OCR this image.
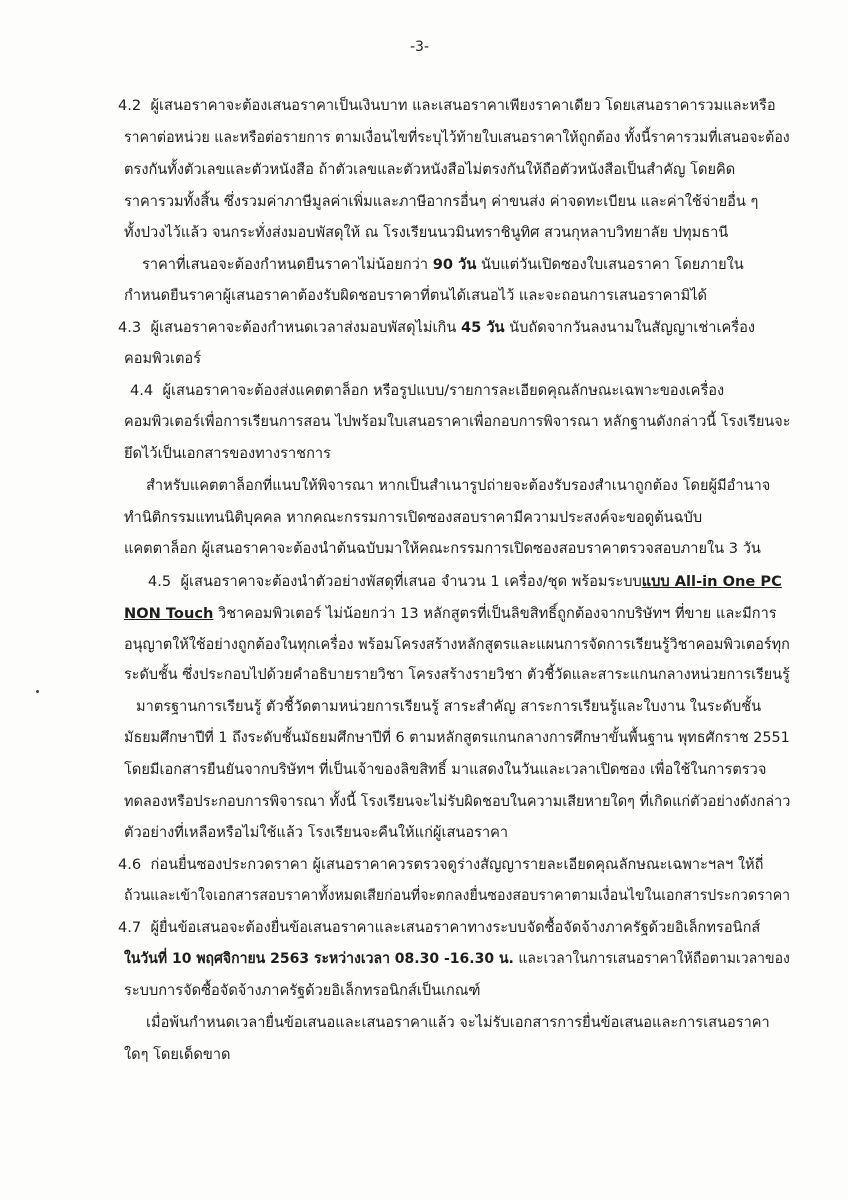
-3-
4.2 ผู้เสนอราคาจะต้องเสนอราคาเป็นเงินบาท และเสนอราคาเพียงราคาเดียว โดยเสนอราคารวมและหรือ
ราคาต่อหน่วย และหรือต่อรายการ ตามเงื่อนไขที่ระบุไว้ท้ายใบเสนอราคาให้ถูกต้อง ทั้งนี้ราคารวมที่เสนอจะต้อง
ตรงกันทั้งตัวเลขและตัวหนังสือ ถ้าตัวเลขและตัวหนังสือไม่ตรงกันให้ถือตัวหนังสือเป็นสำคัญ โดยคิด
ราคารวมทั้งสิ้น ซึ่งรวมค่าภาษีมูลค่าเพิ่มและภาษีอากรอื่นๆ ค่าขนส่ง ค่าจดทะเบียน และค่าใช้จ่ายอื่น ๆ
ทั้งปวงไว้แล้ว จนกระทั่งส่งมอบพัสดุให้ ณ โรงเรียนนวมินทราชินูทิศ สวนกุหลาบวิทยาลัย ปทุมธานี
ราคาที่เสนอจะต้องกำหนดยืนราคาไม่น้อยกว่า 90 วัน นับแต่วันเปิดซองใบเสนอราคา โดยภายใน
กำหนดยืนราคาผู้เสนอราคาต้องรับผิดชอบราคาที่ตนได้เสนอไว้ และจะถอนการเสนอราคามิได้
4.3 ผู้เสนอราคาจะต้องกำหนดเวลาส่งมอบพัสดุไม่เกิน 45 วัน นับถัดจากวันลงนามในสัญญาเช่าเครื่อง
คอมพิวเตอร์
4.4 ผู้เสนอราคาจะต้องส่งแคตตาล็อก หรือรูปแบบ/รายการละเอียดคุณลักษณะเฉพาะของเครื่อง
คอมพิวเตอร์เพื่อการเรียนการสอน ไปพร้อมใบเสนอราคาเพื่อกอบการพิจารณา หลักฐานดังกล่าวนี้ โรงเรียนจะ
ยึดไว้เป็นเอกสารของทางราชการ
สำหรับแคตตาล็อกที่แนบให้พิจารณา หากเป็นสำเนารูปถ่ายจะต้องรับรองสำเนาถูกต้อง โดยผู้มีอำนาจ
ทำนิติกรรมแทนนิติบุคคล หากคณะกรรมการเปิดซองสอบราคามีความประสงค์จะขอดูต้นฉบับ
แคตตาล็อก ผู้เสนอราคาจะต้องนำต้นฉบับมาให้คณะกรรมการเปิดซองสอบราคาตรวจสอบภายใน 3 วัน
4.5 ผู้เสนอราคาจะต้องนำตัวอย่างพัสดุที่เสนอ จำนวน 1 เครื่อง/ชุด พร้อมระบบแบบ All-in One PC
NON Touch วิชาคอมพิวเตอร์ ไม่น้อยกว่า 13 หลักสูตรที่เป็นลิขสิทธิ์ถูกต้องจากบริษัทฯ ที่ขาย และมีการ
อนุญาตให้ใช้อย่างถูกต้องในทุกเครื่อง พร้อมโครงสร้างหลักสูตรและแผนการจัดการเรียนรู้วิชาคอมพิวเตอร์ทุก
ระดับชั้น ซึ่งประกอบไปด้วยคำอธิบายรายวิชา โครงสร้างรายวิชา ตัวชี้วัดและสาระแกนกลางหน่วยการเรียนรู้
มาตรฐานการเรียนรู้ ตัวชี้วัดตามหน่วยการเรียนรู้ สาระสำคัญ สาระการเรียนรู้และใบงาน ในระดับชั้น
มัธยมศึกษาปีที่ 1 ถึงระดับชั้นมัธยมศึกษาปีที่ 6 ตามหลักสูตรแกนกลางการศึกษาขั้นพื้นฐาน พุทธศักราช 2551
โดยมีเอกสารยืนยันจากบริษัทฯ ที่เป็นเจ้าของลิขสิทธิ์ มาแสดงในวันและเวลาเปิดซอง เพื่อใช้ในการตรวจ
ทดลองหรือประกอบการพิจารณา ทั้งนี้ โรงเรียนจะไม่รับผิดชอบในความเสียหายใดๆ ที่เกิดแก่ตัวอย่างดังกล่าว
ตัวอย่างที่เหลือหรือไม่ใช้แล้ว โรงเรียนจะคืนให้แก่ผู้เสนอราคา
4.6 ก่อนยื่นซองประกวดราคา ผู้เสนอราคาควรตรวจดูร่างสัญญารายละเอียดคุณลักษณะเฉพาะฯลฯ ให้ถี่
ถ้วนและเข้าใจเอกสารสอบราคาทั้งหมดเสียก่อนที่จะตกลงยื่นซองสอบราคาตามเงื่อนไขในเอกสารประกวดราคา
4.7 ผู้ยื่นข้อเสนอจะต้องยื่นข้อเสนอราคาและเสนอราคาทางระบบจัดซื้อจัดจ้างภาครัฐด้วยอิเล็กทรอนิกส์
ในวันที่ 10 พฤศจิกายน 2563 ระหว่างเวลา 08.30 -16.30 น. และเวลาในการเสนอราคาให้ถือตามเวลาของ
ระบบการจัดซื้อจัดจ้างภาครัฐด้วยอิเล็กทรอนิกส์เป็นเกณฑ์
เมื่อพ้นกำหนดเวลายื่นข้อเสนอและเสนอราคาแล้ว จะไม่รับเอกสารการยื่นข้อเสนอและการเสนอราคา
ใดๆ โดยเด็ดขาด
